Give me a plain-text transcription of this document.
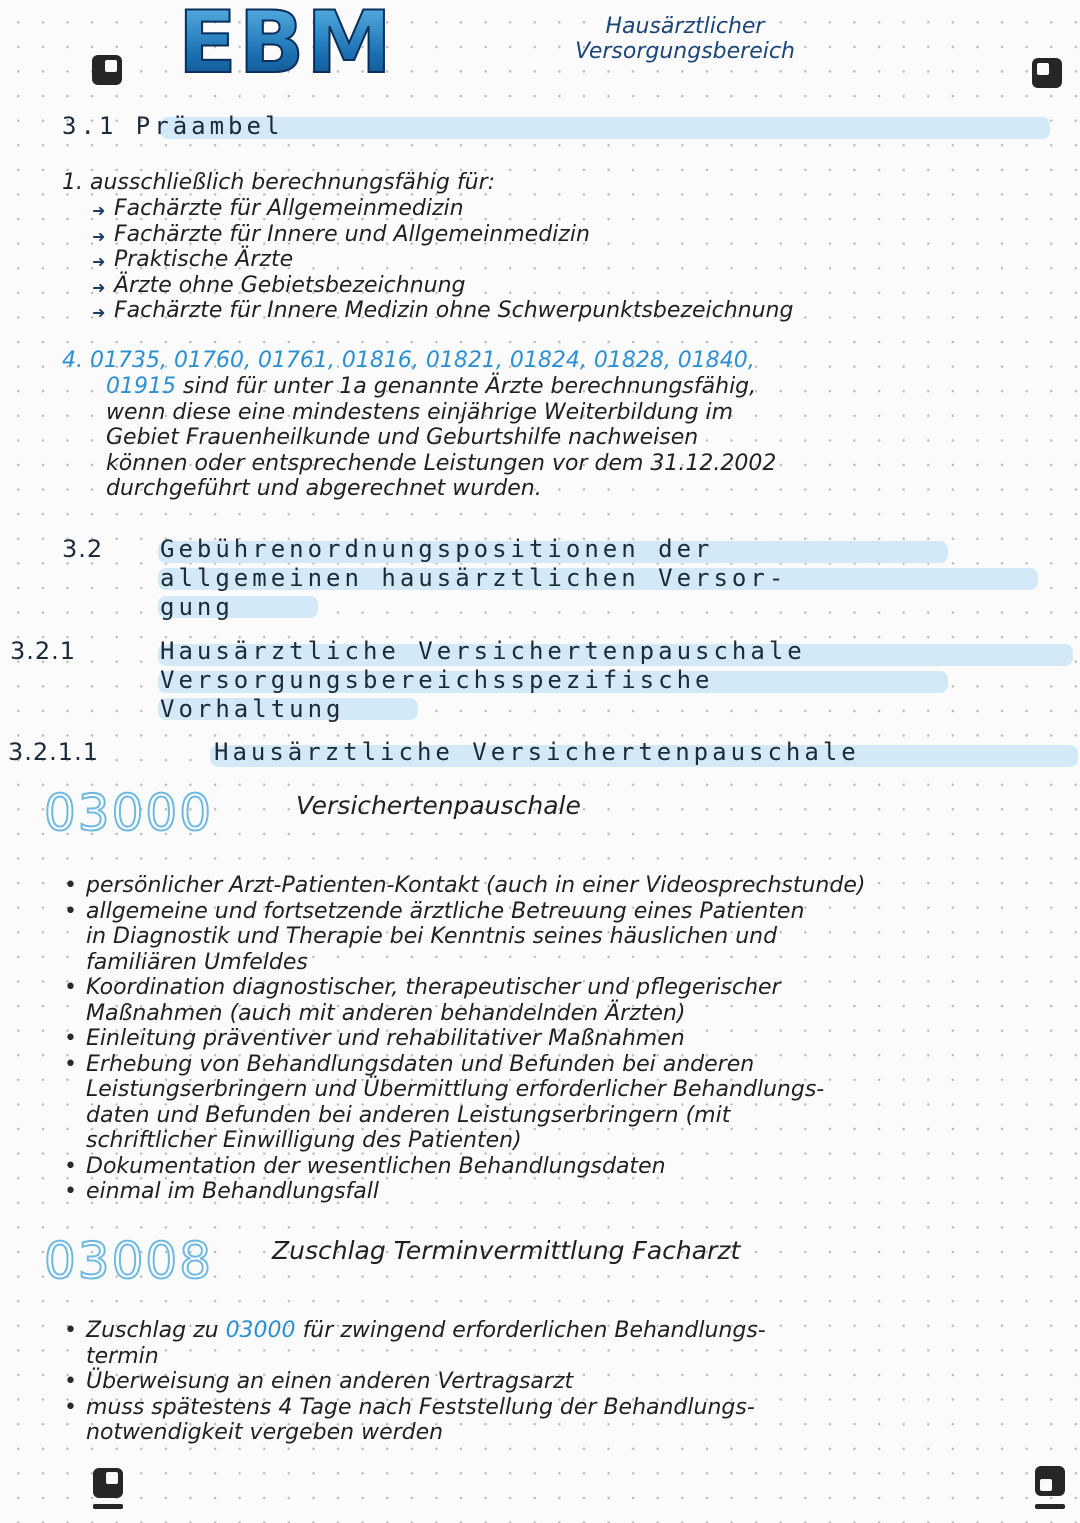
EBM	Hausärztlicher Versorgungsbereich
3.1 Präambel
1. ausschließlich berechnungsfähig für:
➜ Fachärzte für Allgemeinmedizin
➜ Fachärzte für Innere und Allgemeinmedizin
➜ Praktische Ärzte
➜ Ärzte ohne Gebietsbezeichnung
➜ Fachärzte für Innere Medizin ohne Schwerpunktsbezeichnung
4. 01735, 01760, 01761, 01816, 01821, 01824, 01828, 01840,
01915 sind für unter 1a genannte Ärzte berechnungsfähig,
wenn diese eine mindestens einjährige Weiterbildung im
Gebiet Frauenheilkunde und Geburtshilfe nachweisen
können oder entsprechende Leistungen vor dem 31.12.2002
durchgeführt und abgerechnet wurden.
3.2 Gebührenordnungspositionen der
allgemeinen hausärztlichen Versor-
gung
3.2.1	Hausärztliche Versichertenpauschale
Versorgungsbereichsspezifische
Vorhaltung
3.2.1.1	Hausärztliche Versichertenpauschale
03000	Versichertenpauschale
• persönlicher Arzt-Patienten-Kontakt (auch in einer Videosprechstunde)
• allgemeine und fortsetzende ärztliche Betreuung eines Patienten
in Diagnostik und Therapie bei Kenntnis seines häuslichen und
familiären Umfeldes
• Koordination diagnostischer, therapeutischer und pflegerischer
Maßnahmen (auch mit anderen behandelnden Ärzten)
• Einleitung präventiver und rehabilitativer Maßnahmen
• Erhebung von Behandlungsdaten und Befunden bei anderen
Leistungserbringern und Übermittlung erforderlicher Behandlungs-
daten und Befunden bei anderen Leistungserbringern (mit
schriftlicher Einwilligung des Patienten)
• Dokumentation der wesentlichen Behandlungsdaten
• einmal im Behandlungsfall
03008 Zuschlag Terminvermittlung Facharzt
• Zuschlag zu 03000 für zwingend erforderlichen Behandlungs-
termin
• Überweisung an einen anderen Vertragsarzt
• muss spätestens 4 Tage nach Feststellung der Behandlungs-
notwendigkeit vergeben werden
